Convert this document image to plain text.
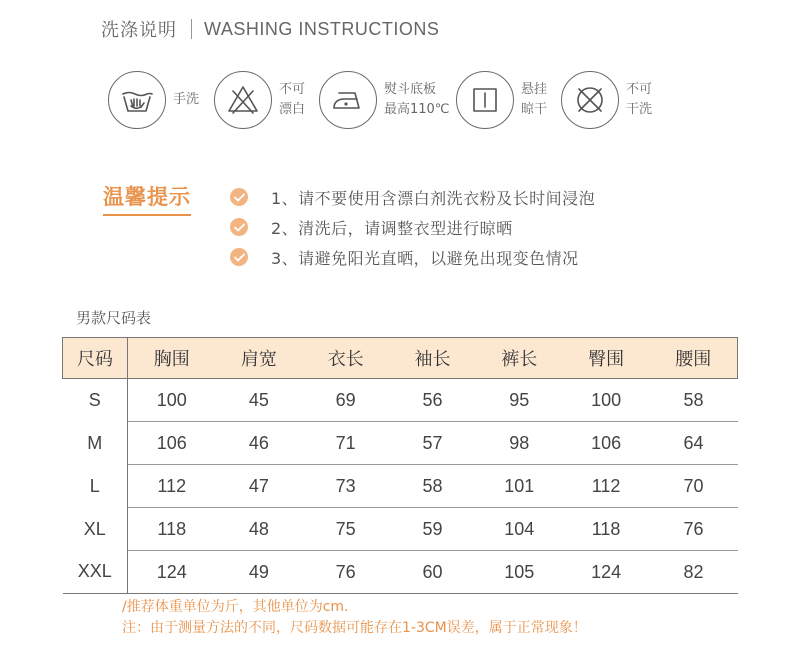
洗涤说明 WASHING INSTRUCTIONS
手洗
不可
漂白
熨斗底板
最高110℃
悬挂
晾干
不可
干洗
温馨提示	1、请不要使用含漂白剂洗衣粉及长时间浸泡
2、清洗后，请调整衣型进行晾晒
3、请避免阳光直晒，以避免出现变色情况
男款尺码表
尺码	胸围	肩宽	衣长	袖长	裤长	臀围	腰围
S	100	45	69	56	95	100	58
M	106	46	71	57	98	106	64
L	112	47	73	58	101	112	70
XL	118	48	75	59	104	118	76
XXL	124	49	76	60	105	124	82
/推荐体重单位为斤，其他单位为cm.
注：由于测量方法的不同，尺码数据可能存在1-3CM误差，属于正常现象！
